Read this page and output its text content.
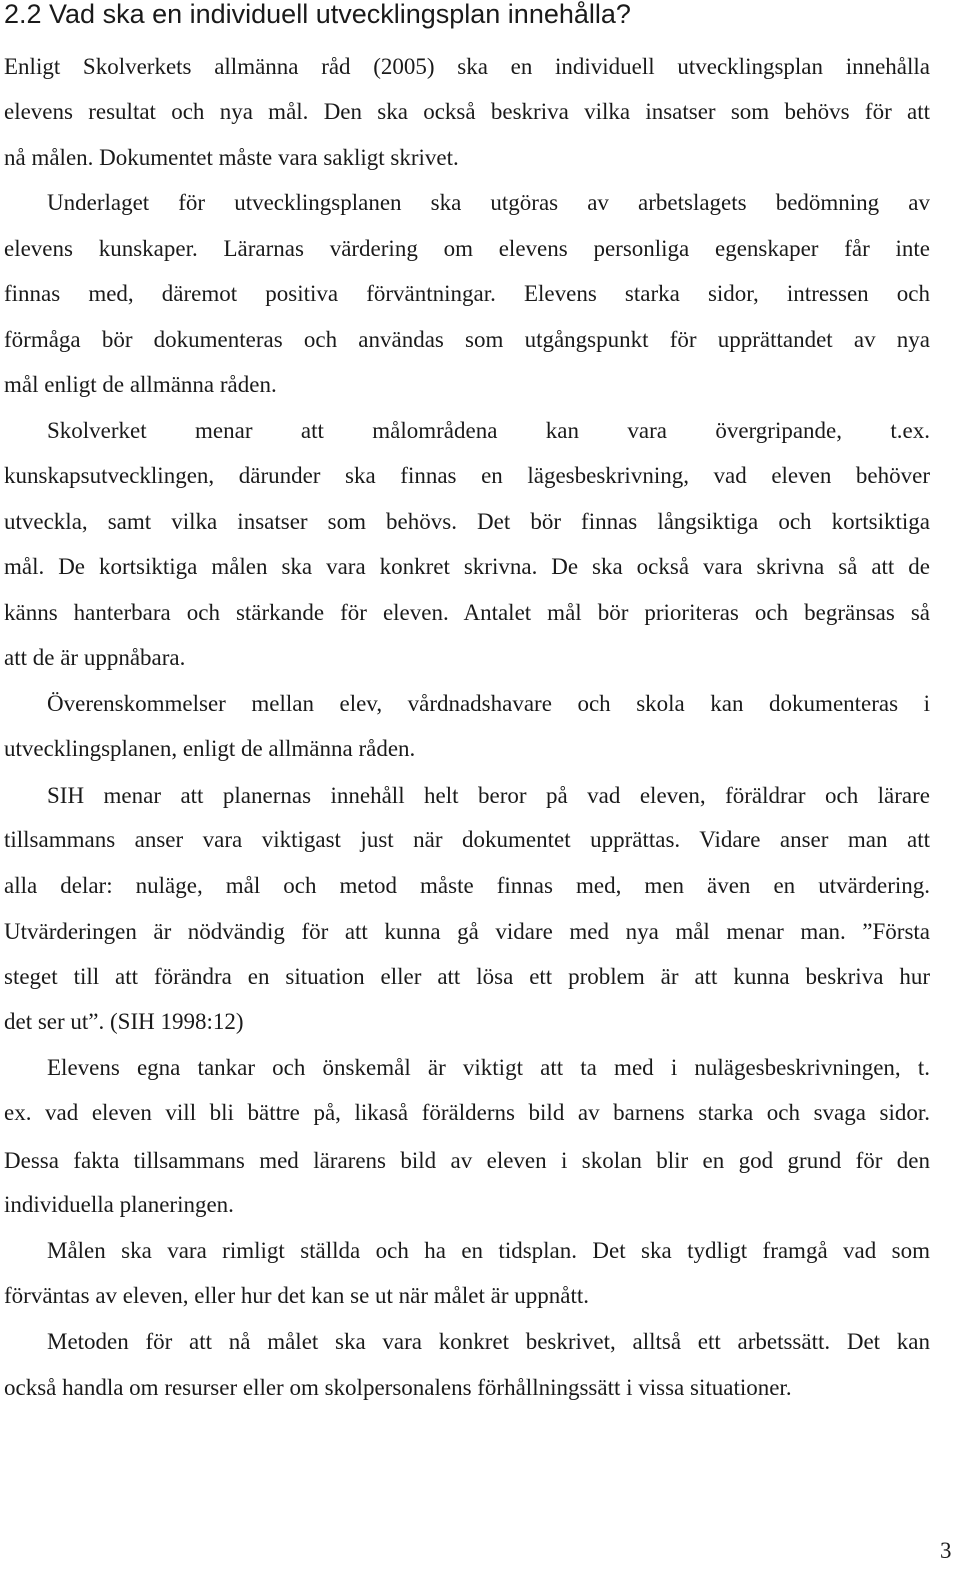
2.2 Vad ska en individuell utvecklingsplan innehålla?
Enligt Skolverkets allmänna råd (2005) ska en individuell utvecklingsplan innehålla
elevens resultat och nya mål. Den ska också beskriva vilka insatser som behövs för att
nå målen. Dokumentet måste vara sakligt skrivet.
Underlaget för utvecklingsplanen ska utgöras av arbetslagets bedömning av
elevens kunskaper. Lärarnas värdering om elevens personliga egenskaper får inte
finnas med, däremot positiva förväntningar. Elevens starka sidor, intressen och
förmåga bör dokumenteras och användas som utgångspunkt för upprättandet av nya
mål enligt de allmänna råden.
Skolverket menar att målområdena kan vara övergripande, t.ex.
kunskapsutvecklingen, därunder ska finnas en lägesbeskrivning, vad eleven behöver
utveckla, samt vilka insatser som behövs. Det bör finnas långsiktiga och kortsiktiga
mål. De kortsiktiga målen ska vara konkret skrivna. De ska också vara skrivna så att de
känns hanterbara och stärkande för eleven. Antalet mål bör prioriteras och begränsas så
att de är uppnåbara.
Överenskommelser mellan elev, vårdnadshavare och skola kan dokumenteras i
utvecklingsplanen, enligt de allmänna råden.
SIH menar att planernas innehåll helt beror på vad eleven, föräldrar och lärare
tillsammans anser vara viktigast just när dokumentet upprättas. Vidare anser man att
alla delar: nuläge, mål och metod måste finnas med, men även en utvärdering.
Utvärderingen är nödvändig för att kunna gå vidare med nya mål menar man. ”Första
steget till att förändra en situation eller att lösa ett problem är att kunna beskriva hur
det ser ut”. (SIH 1998:12)
Elevens egna tankar och önskemål är viktigt att ta med i nulägesbeskrivningen, t.
ex. vad eleven vill bli bättre på, likaså förälderns bild av barnens starka och svaga sidor.
Dessa fakta tillsammans med lärarens bild av eleven i skolan blir en god grund för den
individuella planeringen.
Målen ska vara rimligt ställda och ha en tidsplan. Det ska tydligt framgå vad som
förväntas av eleven, eller hur det kan se ut när målet är uppnått.
Metoden för att nå målet ska vara konkret beskrivet, alltså ett arbetssätt. Det kan
också handla om resurser eller om skolpersonalens förhållningssätt i vissa situationer.
3
